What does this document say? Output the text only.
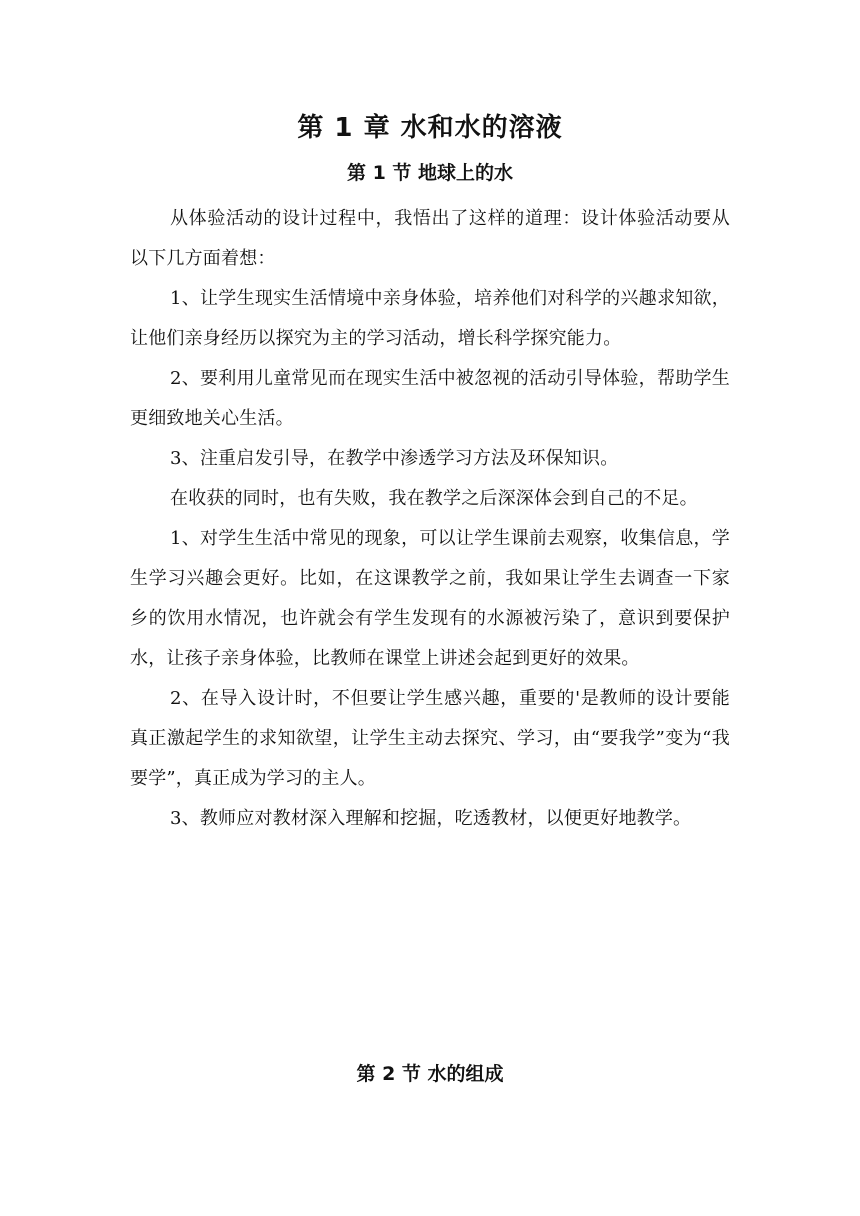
第 1 章 水和水的溶液
第 1 节 地球上的水

从体验活动的设计过程中，我悟出了这样的道理：设计体验活动要从以下几方面着想：

1、让学生现实生活情境中亲身体验，培养他们对科学的兴趣求知欲，让他们亲身经历以探究为主的学习活动，增长科学探究能力。

2、要利用儿童常见而在现实生活中被忽视的活动引导体验，帮助学生更细致地关心生活。

3、注重启发引导，在教学中渗透学习方法及环保知识。

在收获的同时，也有失败，我在教学之后深深体会到自己的不足。

1、对学生生活中常见的现象，可以让学生课前去观察，收集信息，学生学习兴趣会更好。比如，在这课教学之前，我如果让学生去调查一下家乡的饮用水情况，也许就会有学生发现有的水源被污染了，意识到要保护水，让孩子亲身体验，比教师在课堂上讲述会起到更好的效果。

2、在导入设计时，不但要让学生感兴趣，重要的'是教师的设计要能真正激起学生的求知欲望，让学生主动去探究、学习，由“要我学”变为“我要学”，真正成为学习的主人。

3、教师应对教材深入理解和挖掘，吃透教材，以便更好地教学。

第 2 节 水的组成
